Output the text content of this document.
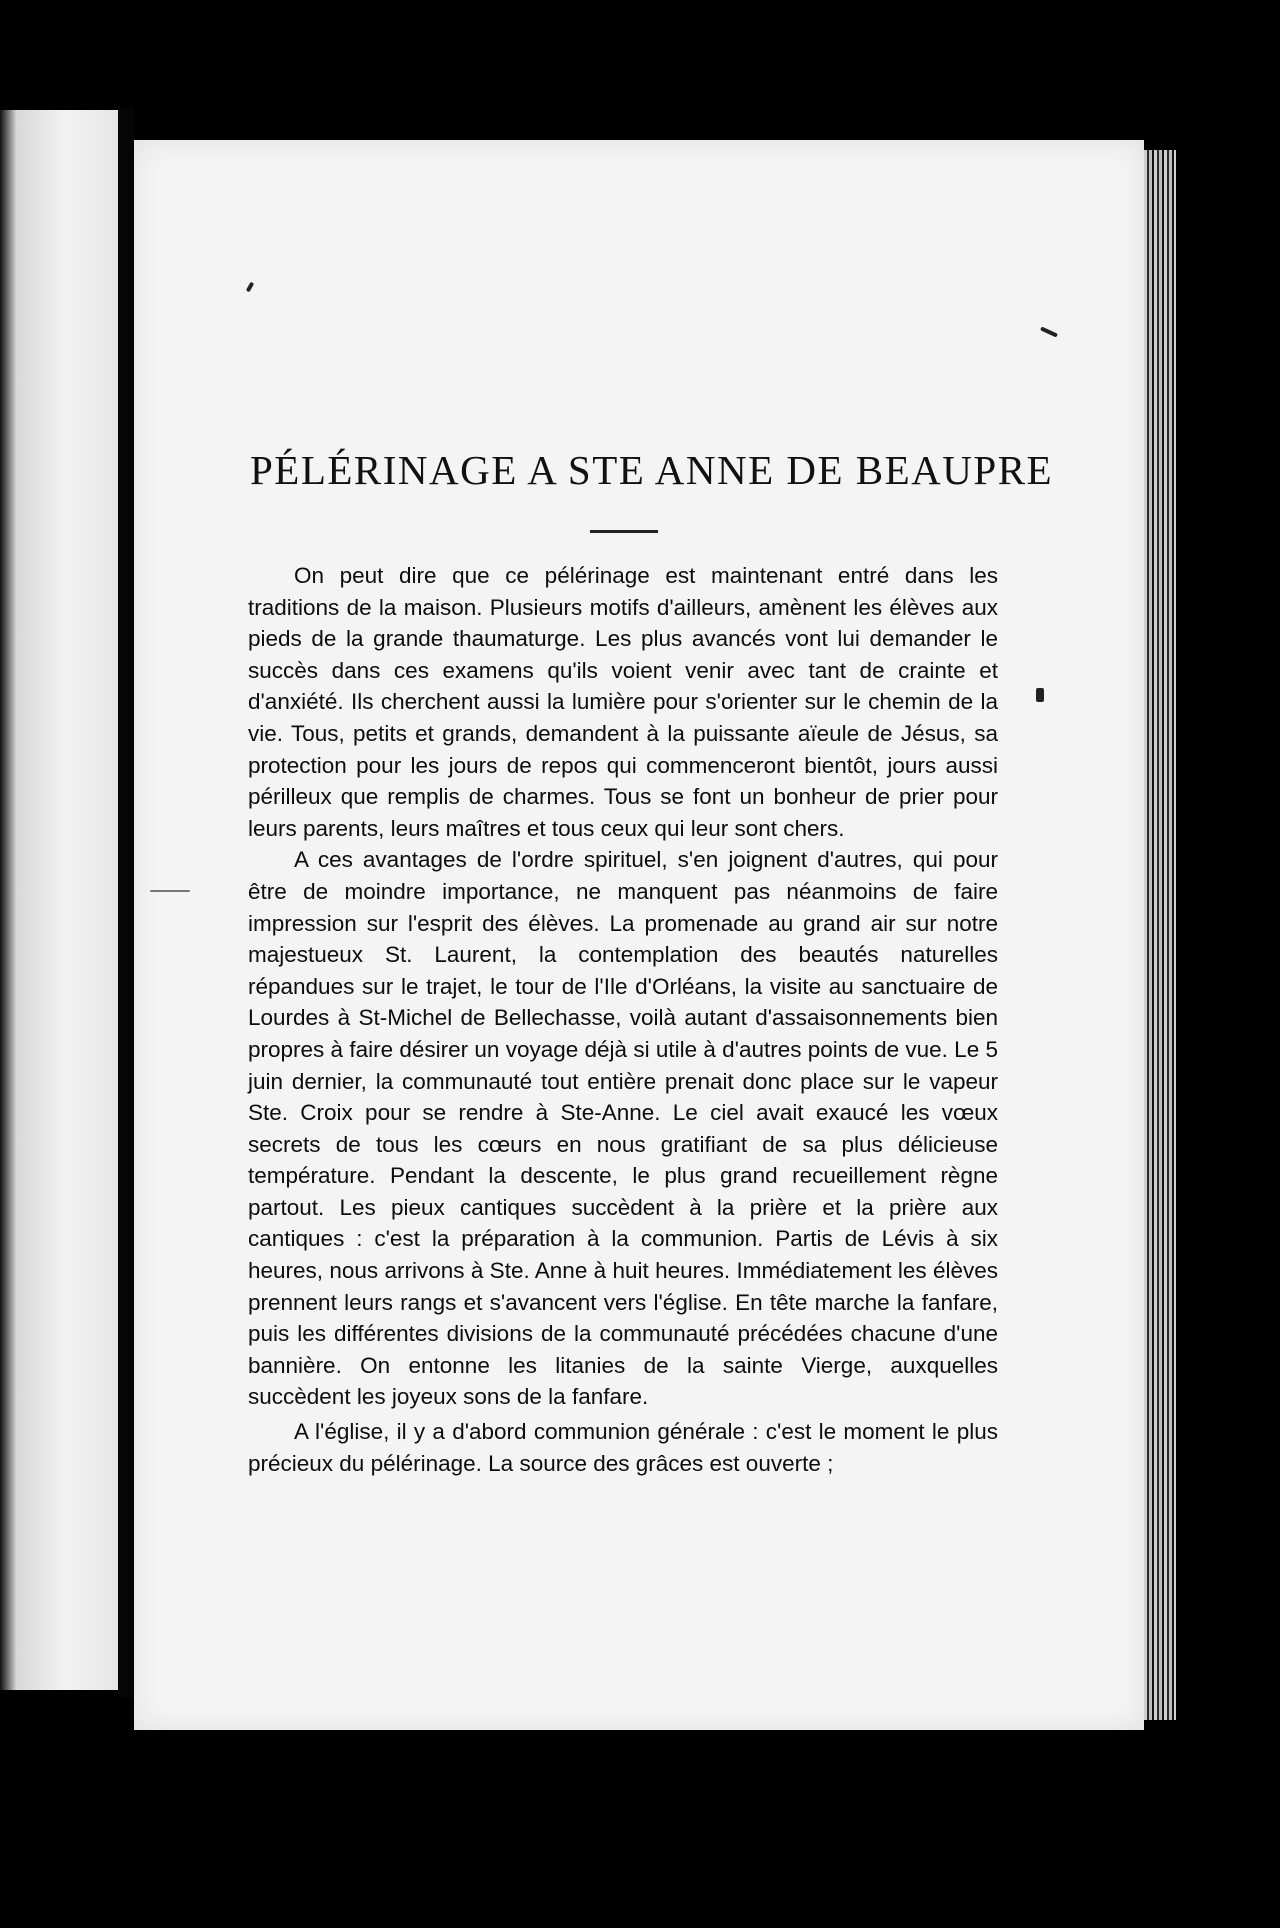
PÉLÉRINAGE A STE ANNE DE BEAUPRE

On peut dire que ce pélérinage est maintenant entré dans les traditions de la maison. Plusieurs motifs d'ailleurs, amènent les élèves aux pieds de la grande thaumaturge. Les plus avancés vont lui demander le succès dans ces examens qu'ils voient venir avec tant de crainte et d'anxiété. Ils cherchent aussi la lumière pour s'orienter sur le chemin de la vie. Tous, petits et grands, demandent à la puissante aïeule de Jésus, sa protection pour les jours de repos qui commenceront bientôt, jours aussi périlleux que remplis de charmes. Tous se font un bonheur de prier pour leurs parents, leurs maîtres et tous ceux qui leur sont chers.

A ces avantages de l'ordre spirituel, s'en joignent d'autres, qui pour être de moindre importance, ne manquent pas néanmoins de faire impression sur l'esprit des élèves. La promenade au grand air sur notre majestueux St. Laurent, la contemplation des beautés naturelles répandues sur le trajet, le tour de l'Ile d'Orléans, la visite au sanctuaire de Lourdes à St-Michel de Bellechasse, voilà autant d'assaisonnements bien propres à faire désirer un voyage déjà si utile à d'autres points de vue. Le 5 juin dernier, la communauté tout entière prenait donc place sur le vapeur Ste. Croix pour se rendre à Ste-Anne. Le ciel avait exaucé les vœux secrets de tous les cœurs en nous gratifiant de sa plus délicieuse température. Pendant la descente, le plus grand recueillement règne partout. Les pieux cantiques succèdent à la prière et la prière aux cantiques : c'est la préparation à la communion. Partis de Lévis à six heures, nous arrivons à Ste. Anne à huit heures. Immédiatement les élèves prennent leurs rangs et s'avancent vers l'église. En tête marche la fanfare, puis les différentes divisions de la communauté précédées chacune d'une bannière. On entonne les litanies de la sainte Vierge, auxquelles succèdent les joyeux sons de la fanfare.

A l'église, il y a d'abord communion générale : c'est le moment le plus précieux du pélérinage. La source des grâces est ouverte ;
